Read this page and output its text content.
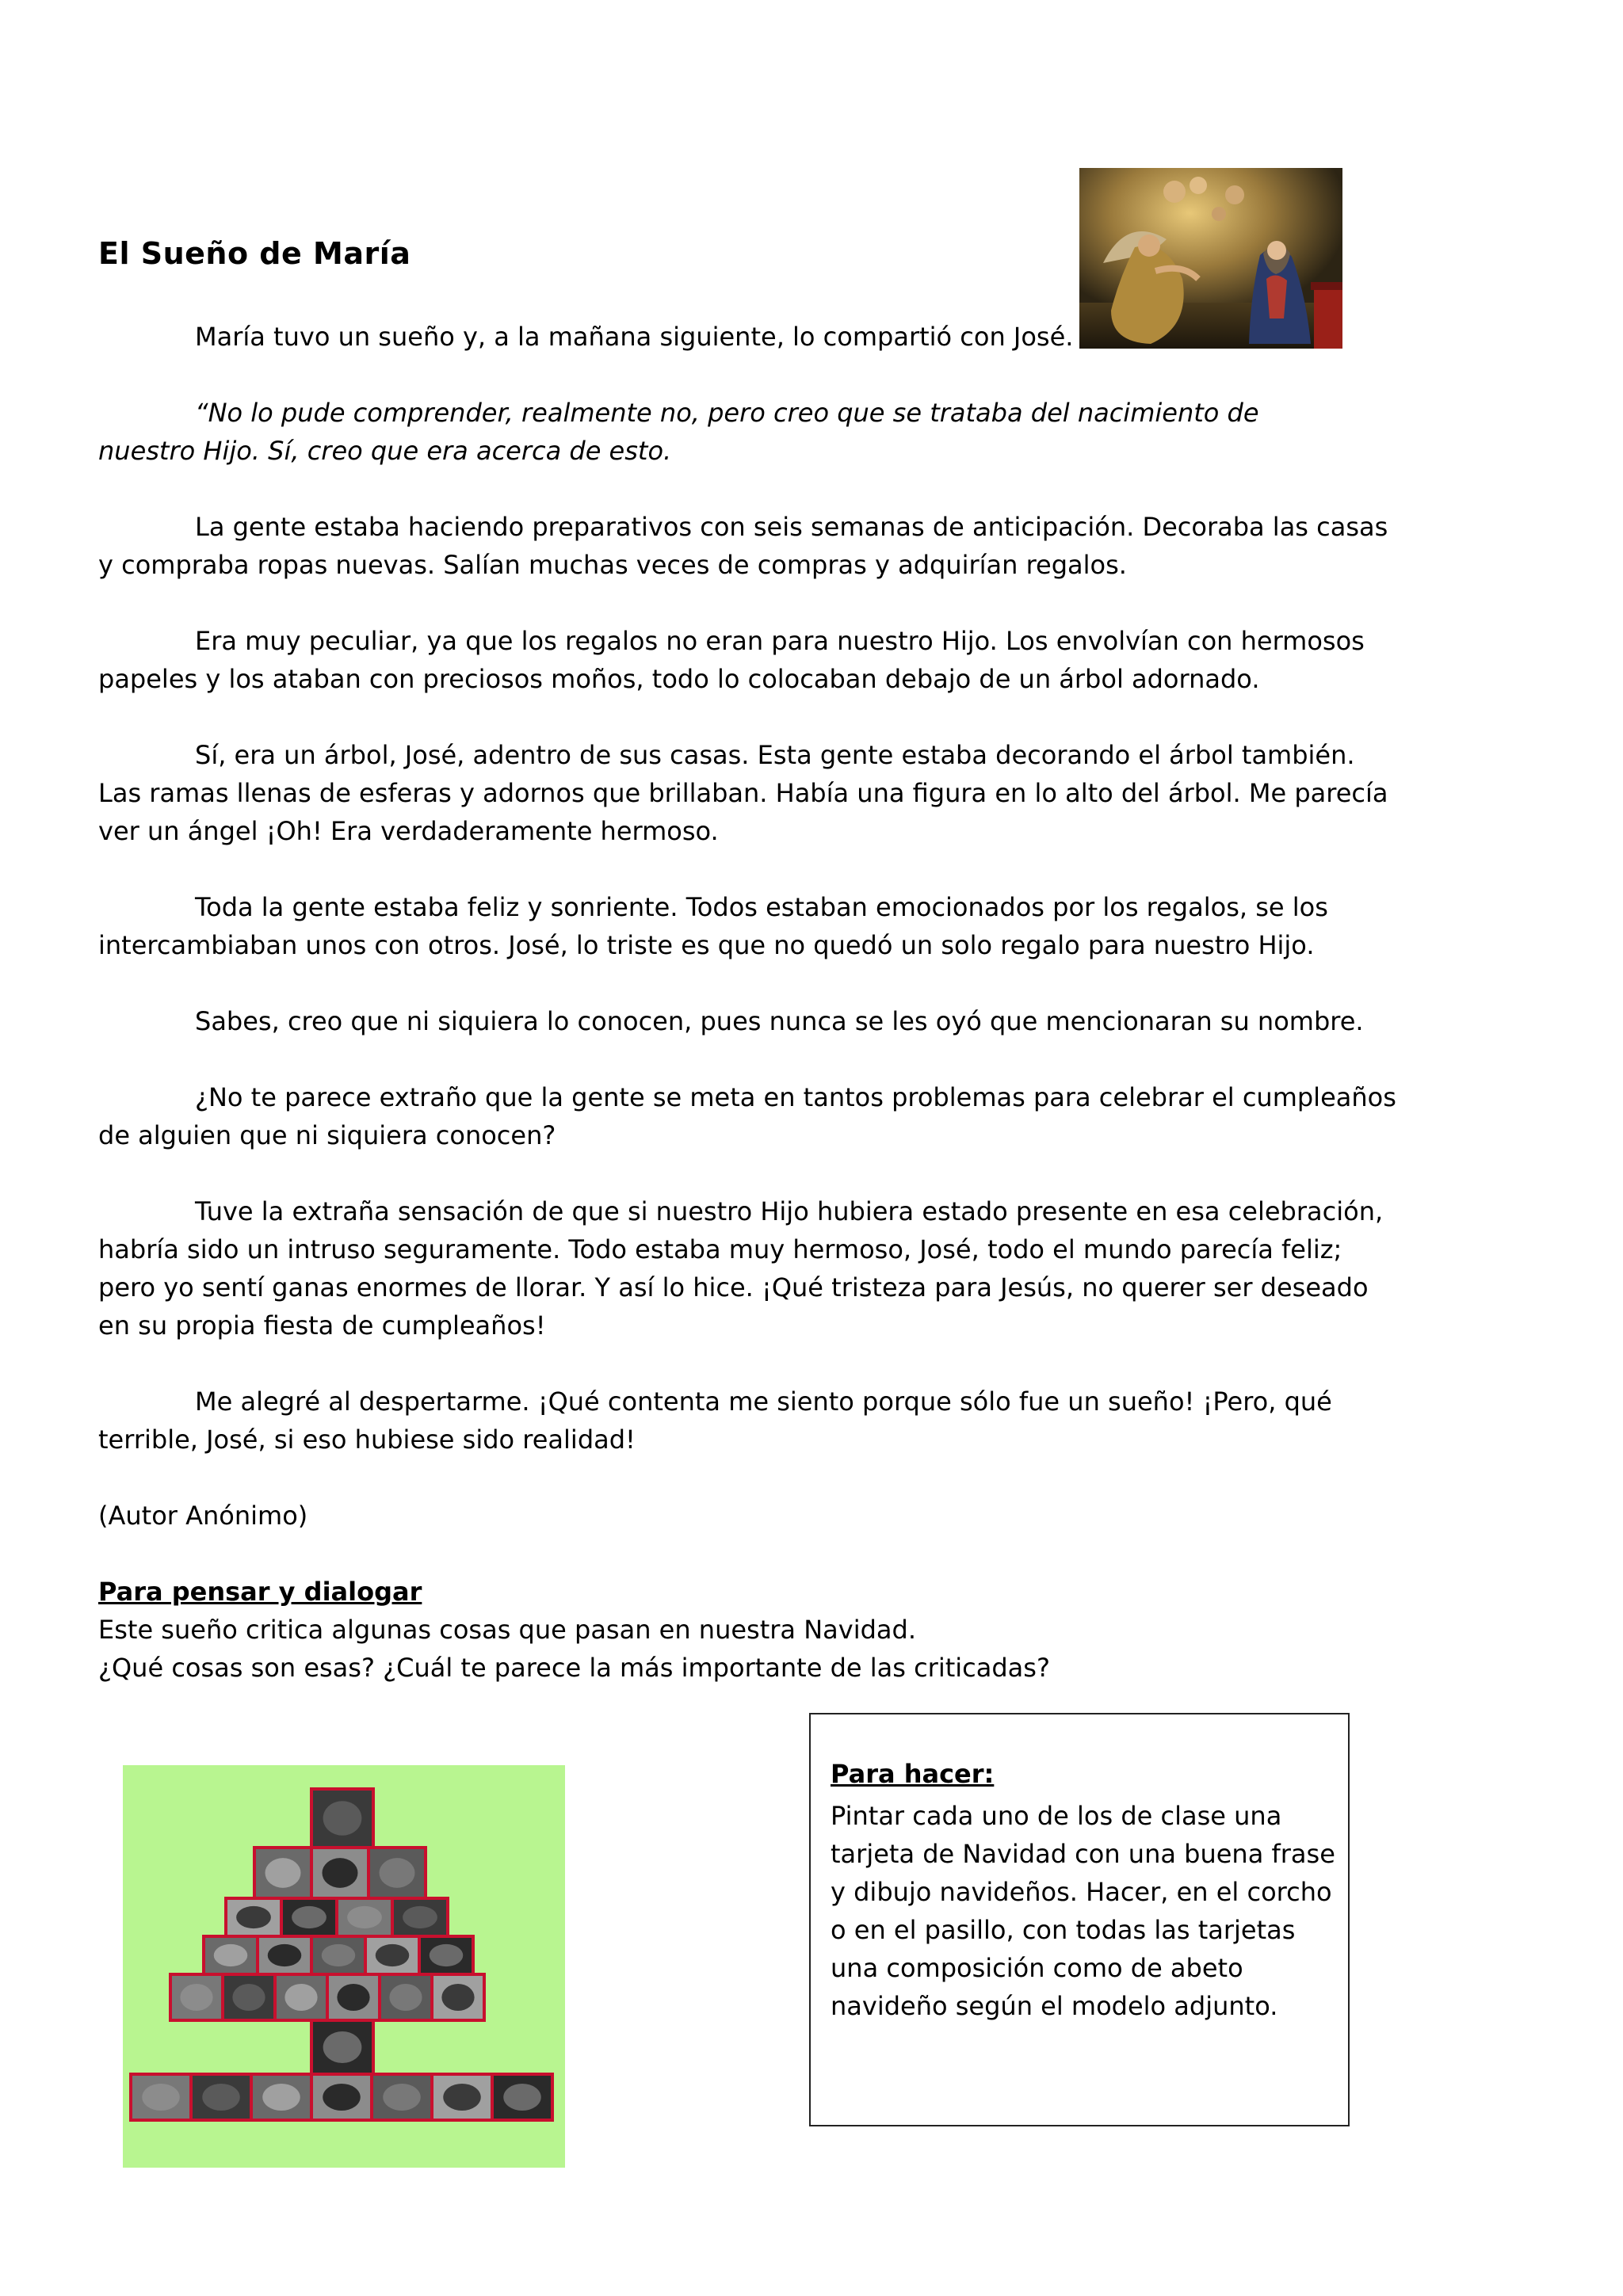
El Sueño de María

María tuvo un sueño y, a la mañana siguiente, lo compartió con José.

“No lo pude comprender, realmente no, pero creo que se trataba del nacimiento de nuestro Hijo. Sí, creo que era acerca de esto.

La gente estaba haciendo preparativos con seis semanas de anticipación. Decoraba las casas y compraba ropas nuevas. Salían muchas veces de compras y adquirían regalos.

Era muy peculiar, ya que los regalos no eran para nuestro Hijo. Los envolvían con hermosos papeles y los ataban con preciosos moños, todo lo colocaban debajo de un árbol adornado.

Sí, era un árbol, José, adentro de sus casas. Esta gente estaba decorando el árbol también. Las ramas llenas de esferas y adornos que brillaban. Había una figura en lo alto del árbol. Me parecía ver un ángel ¡Oh! Era verdaderamente hermoso.

Toda la gente estaba feliz y sonriente. Todos estaban emocionados por los regalos, se los intercambiaban unos con otros. José, lo triste es que no quedó un solo regalo para nuestro Hijo.

Sabes, creo que ni siquiera lo conocen, pues nunca se les oyó que mencionaran su nombre.

¿No te parece extraño que la gente se meta en tantos problemas para celebrar el cumpleaños de alguien que ni siquiera conocen?

Tuve la extraña sensación de que si nuestro Hijo hubiera estado presente en esa celebración, habría sido un intruso seguramente. Todo estaba muy hermoso, José, todo el mundo parecía feliz; pero yo sentí ganas enormes de llorar. Y así lo hice. ¡Qué tristeza para Jesús, no querer ser deseado en su propia fiesta de cumpleaños!

Me alegré al despertarme. ¡Qué contenta me siento porque sólo fue un sueño! ¡Pero, qué terrible, José, si eso hubiese sido realidad!

(Autor Anónimo)

Para pensar y dialogar

Este sueño critica algunas cosas que pasan en nuestra Navidad.

¿Qué cosas son esas? ¿Cuál te parece la más importante de las criticadas?

Para hacer:

Pintar cada uno de los de clase una tarjeta de Navidad con una buena frase y dibujo navideños. Hacer, en el corcho o en el pasillo, con todas las tarjetas una composición como de abeto navideño según el modelo adjunto.
